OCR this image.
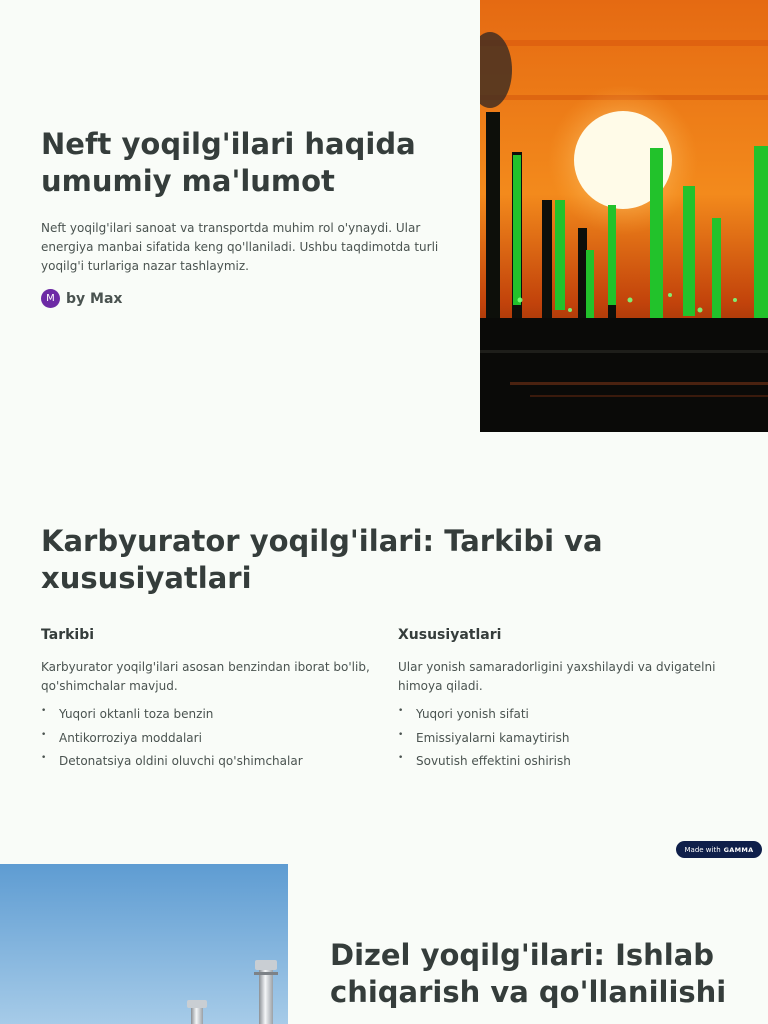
Neft yoqilg'ilari haqida umumiy ma'lumot

Neft yoqilg'ilari sanoat va transportda muhim rol o'ynaydi. Ular energiya manbai sifatida keng qo'llaniladi. Ushbu taqdimotda turli yoqilg'i turlariga nazar tashlaymiz.

M by Max
Karbyurator yoqilg'ilari: Tarkibi va xususiyatlari
Tarkibi

Karbyurator yoqilg'ilari asosan benzindan iborat bo'lib, qo'shimchalar mavjud.

• Yuqori oktanli toza benzin
• Antikorroziya moddalari
• Detonatsiya oldini oluvchi qo'shimchalar
Xususiyatlari

Ular yonish samaradorligini yaxshilaydi va dvigatelni himoya qiladi.

• Yuqori yonish sifati
• Emissiyalarni kamaytirish
• Sovutish effektini oshirish
Made with GAMMA
Dizel yoqilg'ilari: Ishlab chiqarish va qo'llanilishi
